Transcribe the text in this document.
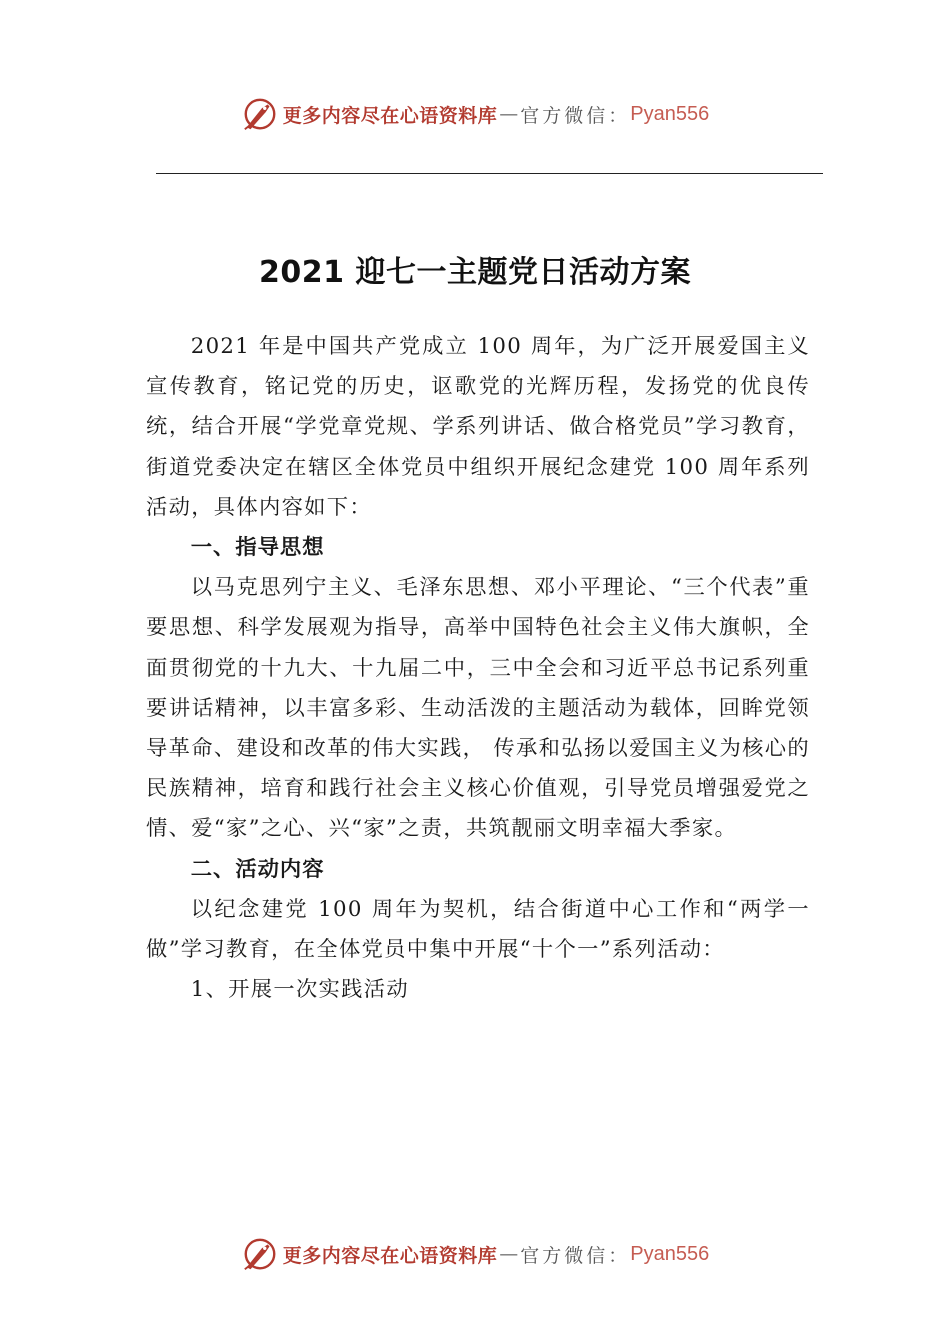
更多内容尽在心语资料库 — 官方微信： Pyan556
2021 迎七一主题党日活动方案

2021 年是中国共产党成立 100 周年，为广泛开展爱国主义宣传教育，铭记党的历史，讴歌党的光辉历程，发扬党的优良传统，结合开展“学党章党规、学系列讲话、做合格党员”学习教育，街道党委决定在辖区全体党员中组织开展纪念建党 100 周年系列活动，具体内容如下：

一、指导思想

以马克思列宁主义、毛泽东思想、邓小平理论、“三个代表”重要思想、科学发展观为指导，高举中国特色社会主义伟大旗帜，全面贯彻党的十九大、十九届二中，三中全会和习近平总书记系列重要讲话精神，以丰富多彩、生动活泼的主题活动为载体，回眸党领导革命、建设和改革的伟大实践， 传承和弘扬以爱国主义为核心的民族精神，培育和践行社会主义核心价值观，引导党员增强爱党之情、爱“家”之心、兴“家”之责，共筑靓丽文明幸福大季家。

二、活动内容

以纪念建党 100 周年为契机，结合街道中心工作和“两学一做”学习教育，在全体党员中集中开展“十个一”系列活动：

1、开展一次实践活动

更多内容尽在心语资料库 — 官方微信： Pyan556
